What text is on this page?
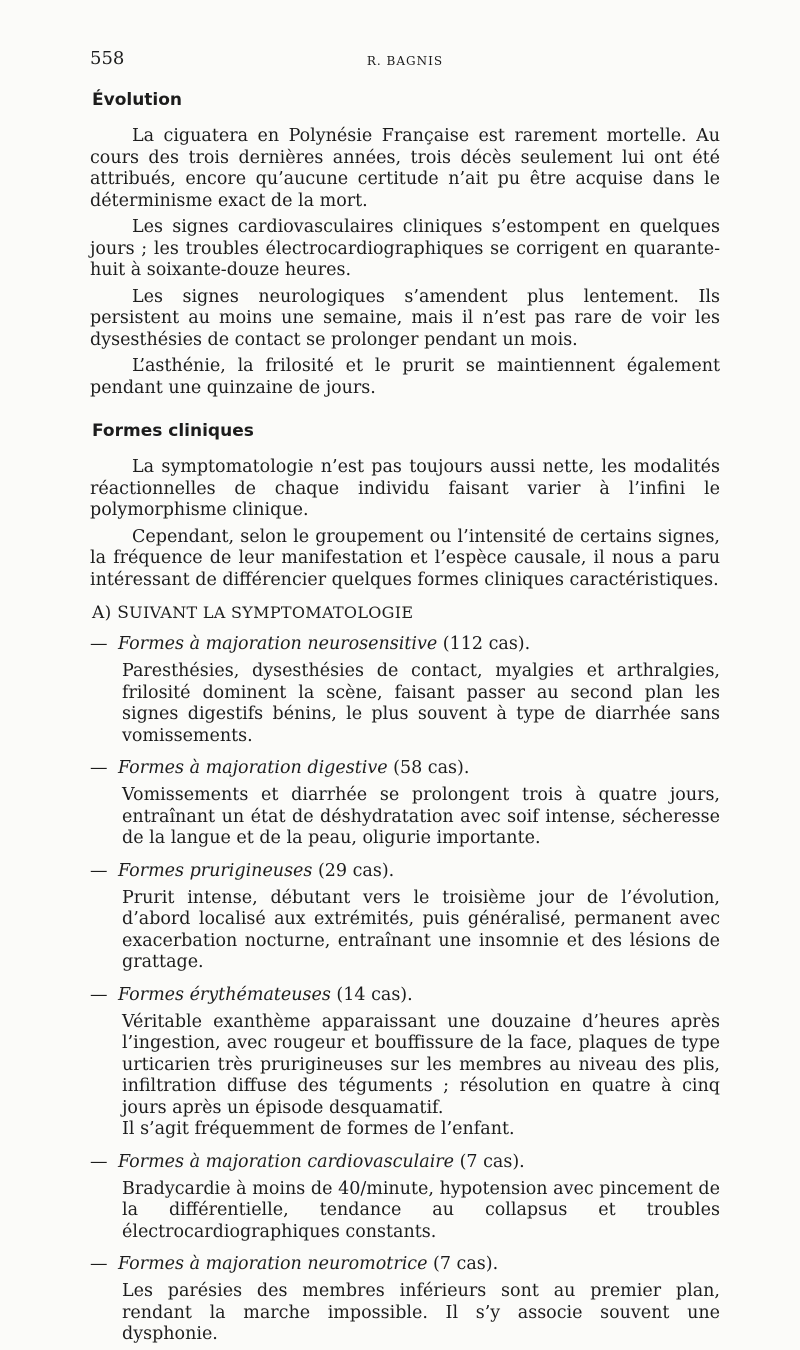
558	R. BAGNIS
Évolution

La ciguatera en Polynésie Française est rarement mortelle. Au cours des trois dernières années, trois décès seulement lui ont été attribués, encore qu’aucune certitude n’ait pu être acquise dans le déterminisme exact de la mort.

Les signes cardiovasculaires cliniques s’estompent en quelques jours ; les troubles électrocardiographiques se corrigent en quarante-huit à soixante-douze heures.

Les signes neurologiques s’amendent plus lentement. Ils persistent au moins une semaine, mais il n’est pas rare de voir les dysesthésies de contact se prolonger pendant un mois.

L’asthénie, la frilosité et le prurit se maintiennent également pendant une quinzaine de jours.

Formes cliniques

La symptomatologie n’est pas toujours aussi nette, les modalités réactionnelles de chaque individu faisant varier à l’infini le polymorphisme clinique.

Cependant, selon le groupement ou l’intensité de certains signes, la fréquence de leur manifestation et l’espèce causale, il nous a paru intéressant de différencier quelques formes cliniques caractéristiques.

A) SUIVANT LA SYMPTOMATOLOGIE
— Formes à majoration neurosensitive (112 cas).

Paresthésies, dysesthésies de contact, myalgies et arthralgies, frilosité dominent la scène, faisant passer au second plan les signes digestifs bénins, le plus souvent à type de diarrhée sans vomissements.

— Formes à majoration digestive (58 cas).

Vomissements et diarrhée se prolongent trois à quatre jours, entraînant un état de déshydratation avec soif intense, sécheresse de la langue et de la peau, oligurie importante.

— Formes prurigineuses (29 cas).

Prurit intense, débutant vers le troisième jour de l’évolution, d’abord localisé aux extrémités, puis généralisé, permanent avec exacerbation nocturne, entraînant une insomnie et des lésions de grattage.

— Formes érythémateuses (14 cas).

Véritable exanthème apparaissant une douzaine d’heures après l’ingestion, avec rougeur et bouffissure de la face, plaques de type urticarien très prurigineuses sur les membres au niveau des plis, infiltration diffuse des téguments ; résolution en quatre à cinq jours après un épisode desquamatif.

Il s’agit fréquemment de formes de l’enfant.

— Formes à majoration cardiovasculaire (7 cas).

Bradycardie à moins de 40/minute, hypotension avec pincement de la différentielle, tendance au collapsus et troubles électrocardiographiques constants.

— Formes à majoration neuromotrice (7 cas).

Les parésies des membres inférieurs sont au premier plan, rendant la marche impossible. Il s’y associe souvent une dysphonie.
